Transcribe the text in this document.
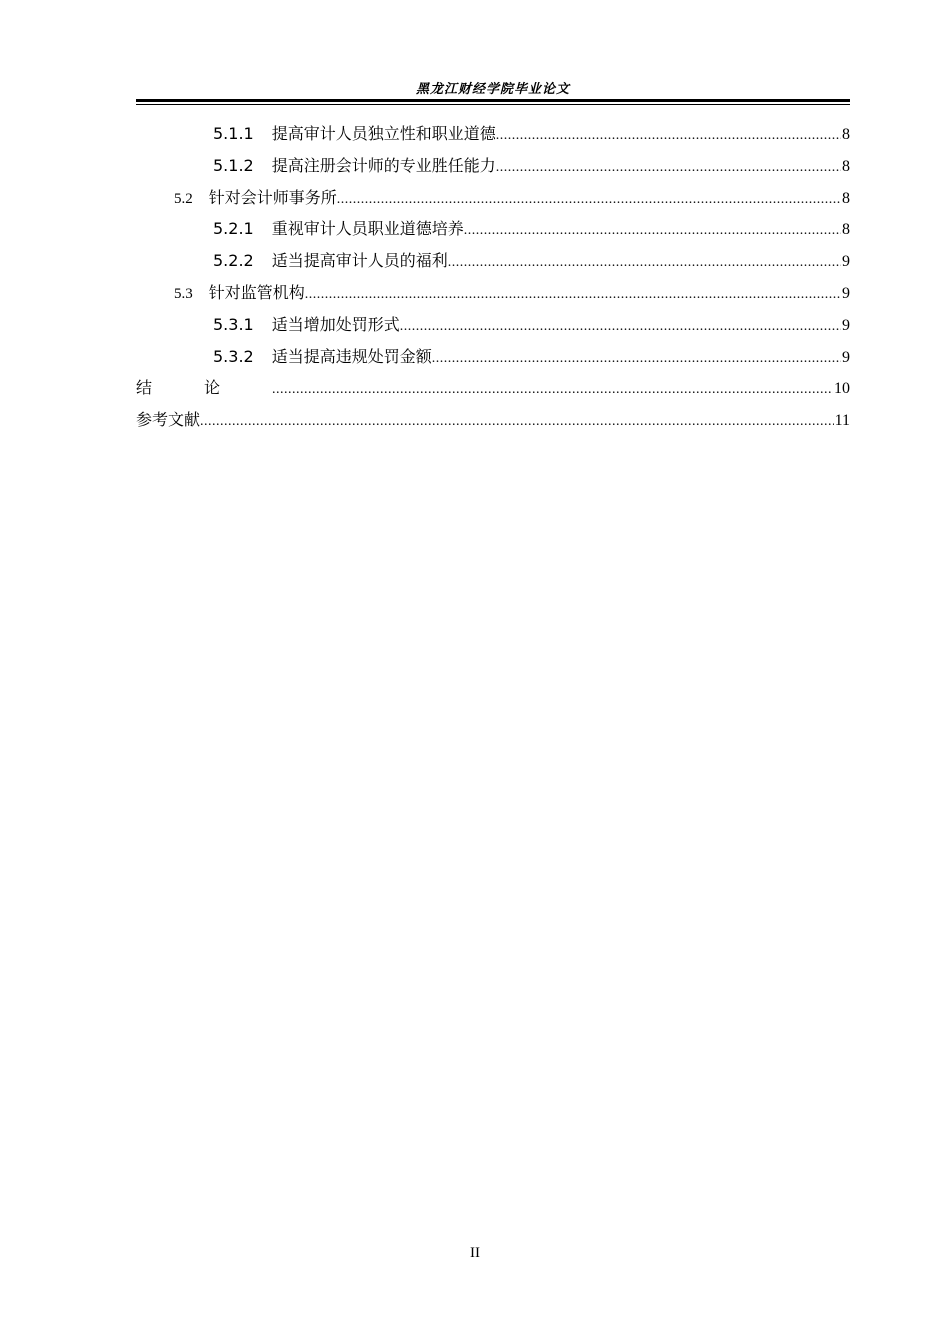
黑龙江财经学院毕业论文
5.1.1 提高审计人员独立性和职业道德 .....	8
5.1.2 提高注册会计师的专业胜任能力 .....	8
5.2 针对会计师事务所 .....	8
5.2.1 重视审计人员职业道德培养 .....	8
5.2.2 适当提高审计人员的福利 .....	9
5.3 针对监管机构 .....	9
5.3.1 适当增加处罚形式 .....	9
5.3.2 适当提高违规处罚金额 .....	9
结论 .....	10
参考文献 .....	11
II
